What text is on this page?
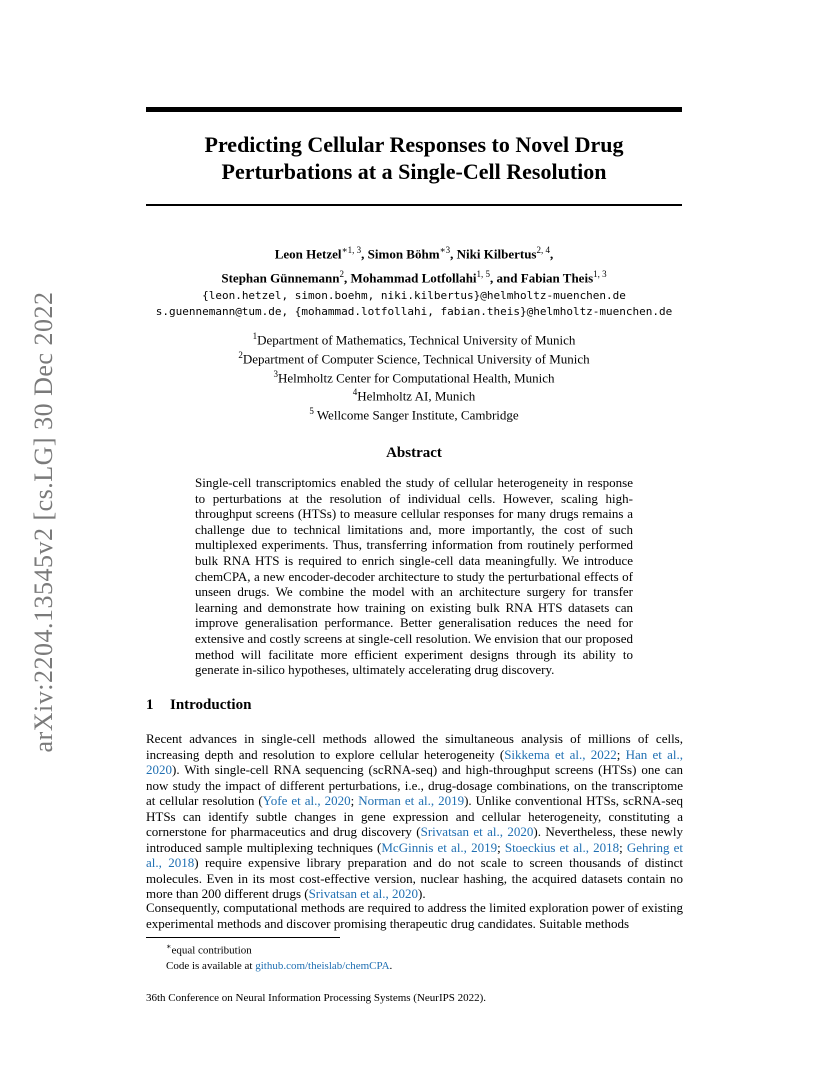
arXiv:2204.13545v2 [cs.LG] 30 Dec 2022
Predicting Cellular Responses to Novel Drug
Perturbations at a Single-Cell Resolution
Leon Hetzel$^{∗1, 3}$, Simon Böhm$^{∗3}$, Niki Kilbertus$^{2, 4}$,
Stephan Günnemann$^2$, Mohammad Lotfollahi$^{1, 5}$, and Fabian Theis$^{1, 3}$
{leon.hetzel, simon.boehm, niki.kilbertus}@helmholtz-muenchen.de
s.guennemann@tum.de, {mohammad.lotfollahi, fabian.theis}@helmholtz-muenchen.de
$^1$Department of Mathematics, Technical University of Munich
$^2$Department of Computer Science, Technical University of Munich
$^3$Helmholtz Center for Computational Health, Munich
$^4$Helmholtz AI, Munich
$^5$ Wellcome Sanger Institute, Cambridge
Abstract

Single-cell transcriptomics enabled the study of cellular heterogeneity in response to perturbations at the resolution of individual cells. However, scaling high-throughput screens (HTSs) to measure cellular responses for many drugs remains a challenge due to technical limitations and, more importantly, the cost of such multiplexed experiments. Thus, transferring information from routinely performed bulk RNA HTS is required to enrich single-cell data meaningfully. We introduce chemCPA, a new encoder-decoder architecture to study the perturbational effects of unseen drugs. We combine the model with an architecture surgery for transfer learning and demonstrate how training on existing bulk RNA HTS datasets can improve generalisation performance. Better generalisation reduces the need for extensive and costly screens at single-cell resolution. We envision that our proposed method will facilitate more efficient experiment designs through its ability to generate in-silico hypotheses, ultimately accelerating drug discovery.

1 Introduction

Recent advances in single-cell methods allowed the simultaneous analysis of millions of cells, increasing depth and resolution to explore cellular heterogeneity (Sikkema et al., 2022; Han et al., 2020). With single-cell RNA sequencing (scRNA-seq) and high-throughput screens (HTSs) one can now study the impact of different perturbations, i.e., drug-dosage combinations, on the transcriptome at cellular resolution (Yofe et al., 2020; Norman et al., 2019). Unlike conventional HTSs, scRNA-seq HTSs can identify subtle changes in gene expression and cellular heterogeneity, constituting a cornerstone for pharmaceutics and drug discovery (Srivatsan et al., 2020). Nevertheless, these newly introduced sample multiplexing techniques (McGinnis et al., 2019; Stoeckius et al., 2018; Gehring et al., 2018) require expensive library preparation and do not scale to screen thousands of distinct molecules. Even in its most cost-effective version, nuclear hashing, the acquired datasets contain no more than 200 different drugs (Srivatsan et al., 2020).

Consequently, computational methods are required to address the limited exploration power of existing experimental methods and discover promising therapeutic drug candidates. Suitable methods

∗equal contribution
Code is available at github.com/theislab/chemCPA.
36th Conference on Neural Information Processing Systems (NeurIPS 2022).
